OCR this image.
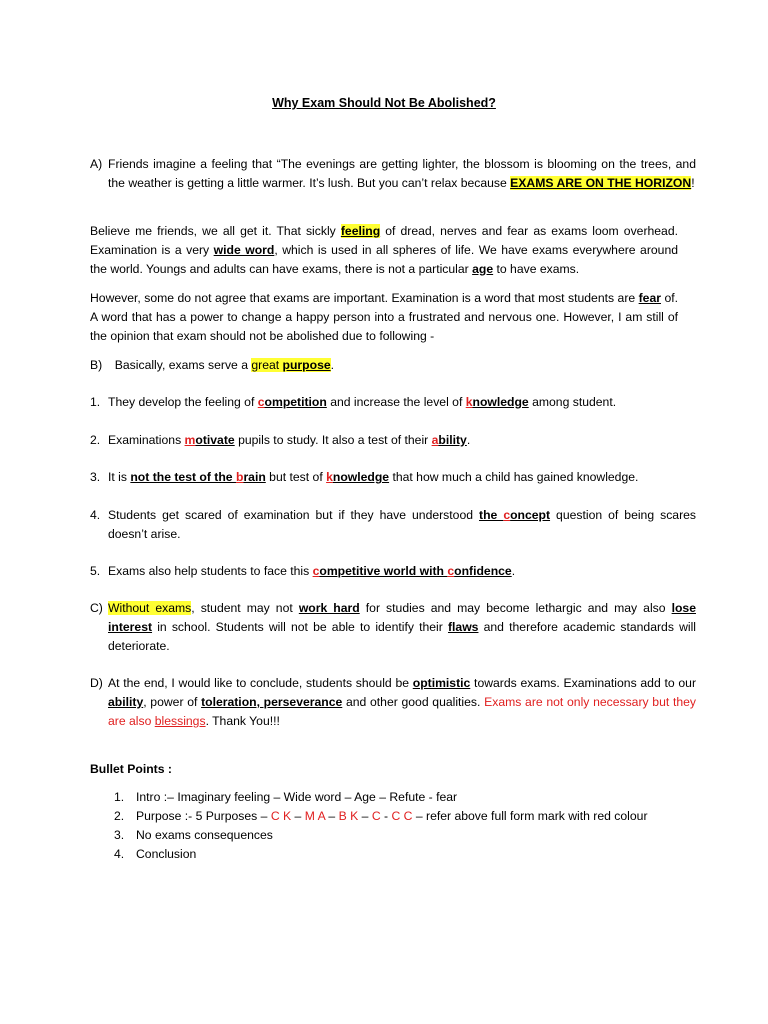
Why Exam Should Not Be Abolished?
A) Friends imagine a feeling that “The evenings are getting lighter, the blossom is blooming on the trees, and the weather is getting a little warmer. It’s lush. But you can’t relax because EXAMS ARE ON THE HORIZON!
Believe me friends, we all get it. That sickly feeling of dread, nerves and fear as exams loom overhead. Examination is a very wide word, which is used in all spheres of life. We have exams everywhere around the world. Youngs and adults can have exams, there is not a particular age to have exams.
However, some do not agree that exams are important. Examination is a word that most students are fear of. A word that has a power to change a happy person into a frustrated and nervous one. However, I am still of the opinion that exam should not be abolished due to following -
B)  Basically, exams serve a great purpose.
1. They develop the feeling of competition and increase the level of knowledge among student.
2. Examinations motivate pupils to study. It also a test of their ability.
3. It is not the test of the brain but test of knowledge that how much a child has gained knowledge.
4. Students get scared of examination but if they have understood the concept question of being scares doesn’t arise.
5. Exams also help students to face this competitive world with confidence.
C) Without exams, student may not work hard for studies and may become lethargic and may also lose interest in school. Students will not be able to identify their flaws and therefore academic standards will deteriorate.
D) At the end, I would like to conclude, students should be optimistic towards exams. Examinations add to our ability, power of toleration, perseverance and other good qualities. Exams are not only necessary but they are also blessings. Thank You!!!
Bullet Points :
1. Intro :– Imaginary feeling – Wide word – Age – Refute - fear
2. Purpose :- 5 Purposes – C K – M A – B K – C - C C – refer above full form mark with red colour
3. No exams consequences
4. Conclusion
